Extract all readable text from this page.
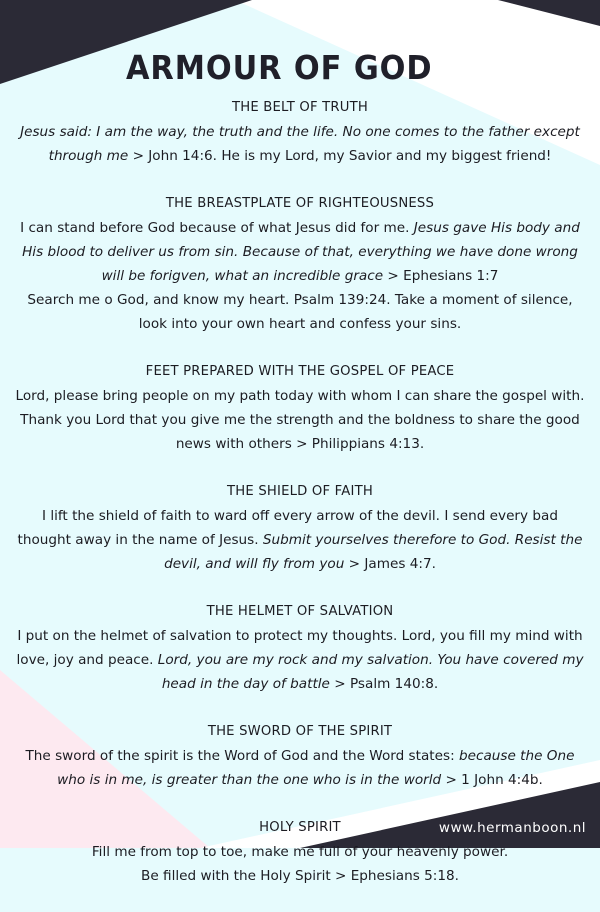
ARMOUR OF GOD
THE BELT OF TRUTH
Jesus said: I am the way, the truth and the life. No one comes to the father except through me > John 14:6. He is my Lord, my Savior and my biggest friend!
THE BREASTPLATE OF RIGHTEOUSNESS
I can stand before God because of what Jesus did for me. Jesus gave His body and His blood to deliver us from sin. Because of that, everything we have done wrong will be forigven, what an incredible grace > Ephesians 1:7
Search me o God, and know my heart. Psalm 139:24. Take a moment of silence, look into your own heart and confess your sins.
FEET PREPARED WITH THE GOSPEL OF PEACE
Lord, please bring people on my path today with whom I can share the gospel with. Thank you Lord that you give me the strength and the boldness to share the good news with others > Philippians 4:13.
THE SHIELD OF FAITH
I lift the shield of faith to ward off every arrow of the devil. I send every bad thought away in the name of Jesus. Submit yourselves therefore to God. Resist the devil, and will fly from you > James 4:7.
THE HELMET OF SALVATION
I put on the helmet of salvation to protect my thoughts. Lord, you fill my mind with love, joy and peace. Lord, you are my rock and my salvation. You have covered my head in the day of battle > Psalm 140:8.
THE SWORD OF THE SPIRIT
The sword of the spirit is the Word of God and the Word states: because the One who is in me, is greater than the one who is in the world > 1 John 4:4b.
HOLY SPIRIT
Fill me from top to toe, make me full of your heavenly power.
Be filled with the Holy Spirit > Ephesians 5:18.
www.hermanboon.nl
